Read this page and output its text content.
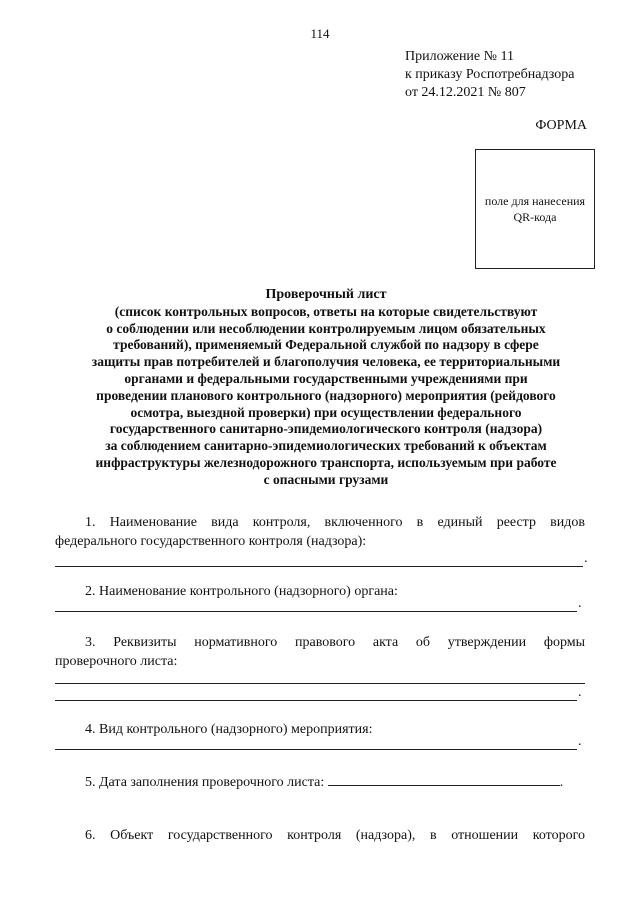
114
Приложение № 11
к приказу Роспотребнадзора
от 24.12.2021 № 807
ФОРМА
поле для нанесения
QR-кода
Проверочный лист
(список контрольных вопросов, ответы на которые свидетельствуют
о соблюдении или несоблюдении контролируемым лицом обязательных
требований), применяемый Федеральной службой по надзору в сфере
защиты прав потребителей и благополучия человека, ее территориальными
органами и федеральными государственными учреждениями при
проведении планового контрольного (надзорного) мероприятия (рейдового
осмотра, выездной проверки) при осуществлении федерального
государственного санитарно-эпидемиологического контроля (надзора)
за соблюдением санитарно-эпидемиологических требований к объектам
инфраструктуры железнодорожного транспорта, используемым при работе
с опасными грузами

1. Наименование вида контроля, включенного в единый реестр видов

федерального государственного контроля (надзора):
.

2. Наименование контрольного (надзорного) органа:

.

3. Реквизиты нормативного правового акта об утверждении формы

проверочного листа:
.

4. Вид контрольного (надзорного) мероприятия:

.

5. Дата заполнения проверочного листа:	.

6. Объект государственного контроля (надзора), в отношении которого
